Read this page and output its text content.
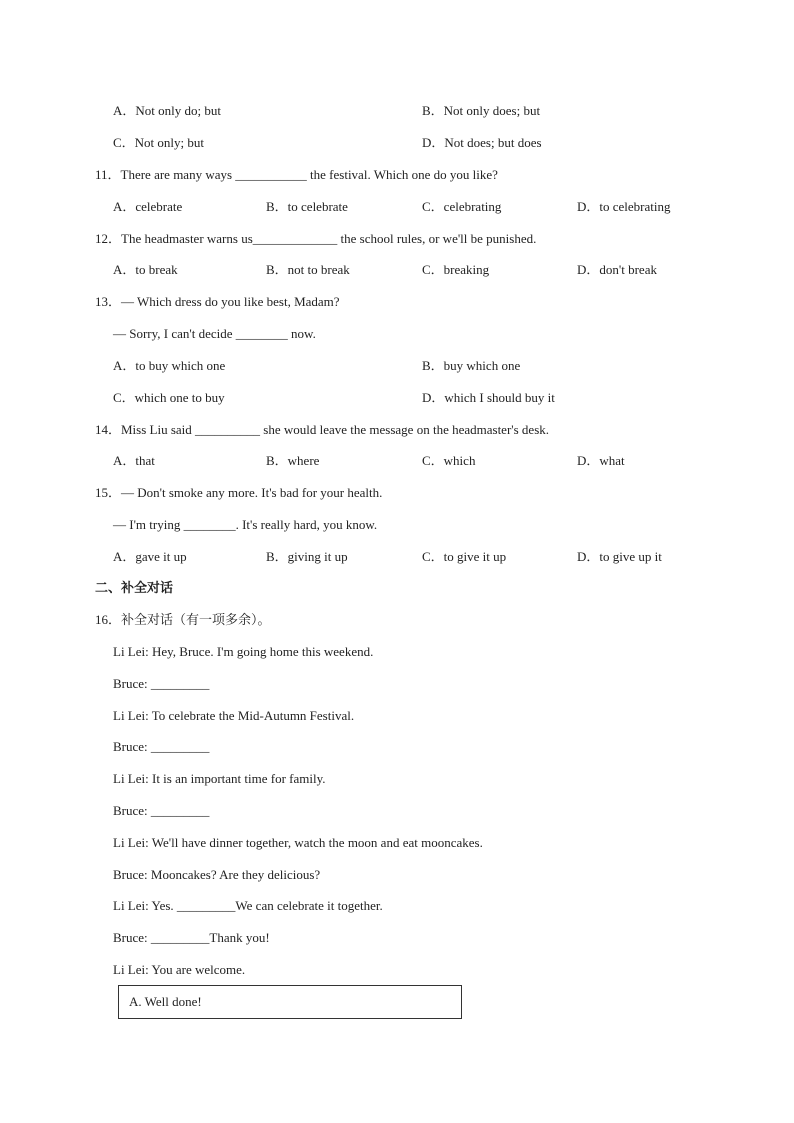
A．Not only do; but	B．Not only does; but
C．Not only; but	D．Not does; but does
11．There are many ways ___________ the festival. Which one do you like?
A．celebrate	B．to celebrate	C．celebrating	D．to celebrating
12．The headmaster warns us_____________ the school rules, or we'll be punished.
A．to break	B．not to break	C．breaking	D．don't break
13．— Which dress do you like best, Madam?
— Sorry, I can't decide ________ now.
A．to buy which one	B．buy which one
C．which one to buy	D．which I should buy it
14．Miss Liu said __________ she would leave the message on the headmaster's desk.
A．that	B．where	C．which	D．what
15．— Don't smoke any more. It's bad for your health.
— I'm trying ________. It's really hard, you know.
A．gave it up	B．giving it up	C．to give it up	D．to give up it
二、补全对话
16．补全对话（有一项多余）。
Li Lei: Hey, Bruce. I'm going home this weekend.
Bruce: _________
Li Lei: To celebrate the Mid-Autumn Festival.
Bruce: _________
Li Lei: It is an important time for family.
Bruce: _________
Li Lei: We'll have dinner together, watch the moon and eat mooncakes.
Bruce: Mooncakes? Are they delicious?
Li Lei: Yes. _________We can celebrate it together.
Bruce: _________Thank you!
Li Lei: You are welcome.
A. Well done!
